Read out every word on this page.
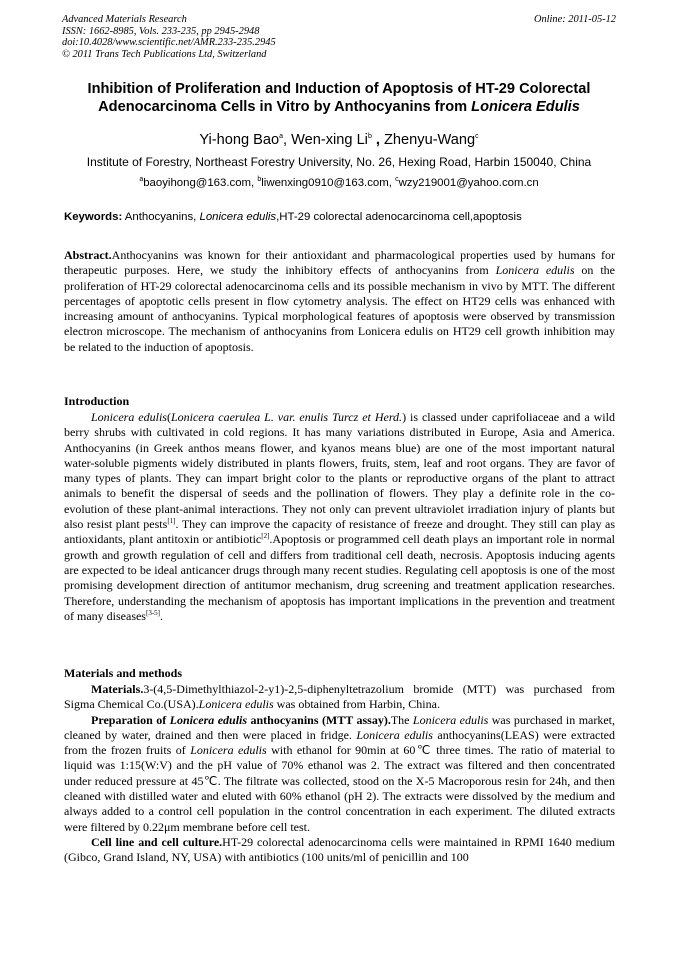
Advanced Materials Research
ISSN: 1662-8985, Vols. 233-235, pp 2945-2948
doi:10.4028/www.scientific.net/AMR.233-235.2945
© 2011 Trans Tech Publications Ltd, Switzerland
Online: 2011-05-12
Inhibition of Proliferation and Induction of Apoptosis of HT-29 Colorectal
Adenocarcinoma Cells in Vitro by Anthocyanins from Lonicera Edulis
Yi-hong Bao$^a$, Wen-xing Li$^b$ , Zhenyu-Wang$^c$
Institute of Forestry, Northeast Forestry University, No. 26, Hexing Road, Harbin 150040, China
$^a$baoyihong@163.com, $^b$liwenxing0910@163.com, $^c$wzy219001@yahoo.com.cn
Keywords: Anthocyanins, Lonicera edulis,HT-29 colorectal adenocarcinoma cell,apoptosis

Abstract.Anthocyanins was known for their antioxidant and pharmacological properties used by humans for therapeutic purposes. Here, we study the inhibitory effects of anthocyanins from Lonicera edulis on the proliferation of HT-29 colorectal adenocarcinoma cells and its possible mechanism in vivo by MTT. The different percentages of apoptotic cells present in flow cytometry analysis. The effect on HT29 cells was enhanced with increasing amount of anthocyanins. Typical morphological features of apoptosis were observed by transmission electron microscope. The mechanism of anthocyanins from Lonicera edulis on HT29 cell growth inhibition may be related to the induction of apoptosis.

Introduction

Lonicera edulis(Lonicera caerulea L. var. enulis Turcz et Herd.) is classed under caprifoliaceae and a wild berry shrubs with cultivated in cold regions. It has many variations distributed in Europe, Asia and America. Anthocyanins (in Greek anthos means flower, and kyanos means blue) are one of the most important natural water-soluble pigments widely distributed in plants flowers, fruits, stem, leaf and root organs. They are favor of many types of plants. They can impart bright color to the plants or reproductive organs of the plant to attract animals to benefit the dispersal of seeds and the pollination of flowers. They play a definite role in the co-evolution of these plant-animal interactions. They not only can prevent ultraviolet irradiation injury of plants but also resist plant pests[1]. They can improve the capacity of resistance of freeze and drought. They still can play as antioxidants, plant antitoxin or antibiotic[2].Apoptosis or programmed cell death plays an important role in normal growth and growth regulation of cell and differs from traditional cell death, necrosis. Apoptosis inducing agents are expected to be ideal anticancer drugs through many recent studies. Regulating cell apoptosis is one of the most promising development direction of antitumor mechanism, drug screening and treatment application researches. Therefore, understanding the mechanism of apoptosis has important implications in the prevention and treatment of many diseases[3-5].

Materials and methods

Materials.3-(4,5-Dimethylthiazol-2-y1)-2,5-diphenyltetrazolium bromide (MTT) was purchased from Sigma Chemical Co.(USA).Lonicera edulis was obtained from Harbin, China.

Preparation of Lonicera edulis anthocyanins (MTT assay).The Lonicera edulis was purchased in market, cleaned by water, drained and then were placed in fridge. Lonicera edulis anthocyanins(LEAS) were extracted from the frozen fruits of Lonicera edulis with ethanol for 90min at 60℃ three times. The ratio of material to liquid was 1:15(W:V) and the pH value of 70% ethanol was 2. The extract was filtered and then concentrated under reduced pressure at 45℃. The filtrate was collected, stood on the X-5 Macroporous resin for 24h, and then cleaned with distilled water and eluted with 60% ethanol (pH 2). The extracts were dissolved by the medium and always added to a control cell population in the control concentration in each experiment. The diluted extracts were filtered by 0.22μm membrane before cell test.

Cell line and cell culture.HT-29 colorectal adenocarcinoma cells were maintained in RPMI 1640 medium (Gibco, Grand Island, NY, USA) with antibiotics (100 units/ml of penicillin and 100
